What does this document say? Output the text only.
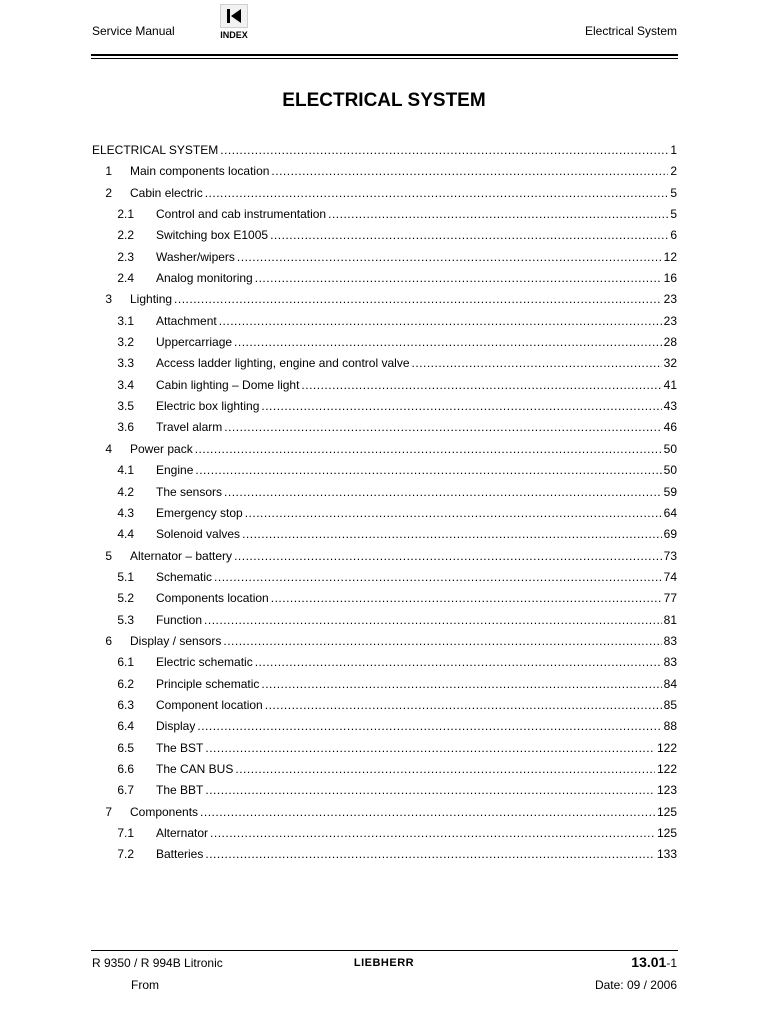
Service Manual	INDEX	Electrical System
ELECTRICAL SYSTEM
ELECTRICAL SYSTEM .....	1
1 Main components location .....	2
2 Cabin electric .....	5
2.1 Control and cab instrumentation .....	5
2.2 Switching box E1005 .....	6
2.3 Washer/wipers .....	12
2.4 Analog monitoring .....	16
3 Lighting .....	23
3.1 Attachment .....	23
3.2 Uppercarriage .....	28
3.3 Access ladder lighting, engine and control valve .....	32
3.4 Cabin lighting – Dome light .....	41
3.5 Electric box lighting .....	43
3.6 Travel alarm .....	46
4 Power pack .....	50
4.1 Engine .....	50
4.2 The sensors .....	59
4.3 Emergency stop .....	64
4.4 Solenoid valves .....	69
5 Alternator – battery .....	73
5.1 Schematic .....	74
5.2 Components location .....	77
5.3 Function .....	81
6 Display / sensors .....	83
6.1 Electric schematic .....	83
6.2 Principle schematic .....	84
6.3 Component location .....	85
6.4 Display .....	88
6.5 The BST .....	122
6.6 The CAN BUS .....	122
6.7 The BBT .....	123
7 Components .....	125
7.1 Alternator .....	125
7.2 Batteries .....	133
R 9350 / R 994B Litronic	LIEBHERR	13.01-1
From	Date: 09 / 2006
